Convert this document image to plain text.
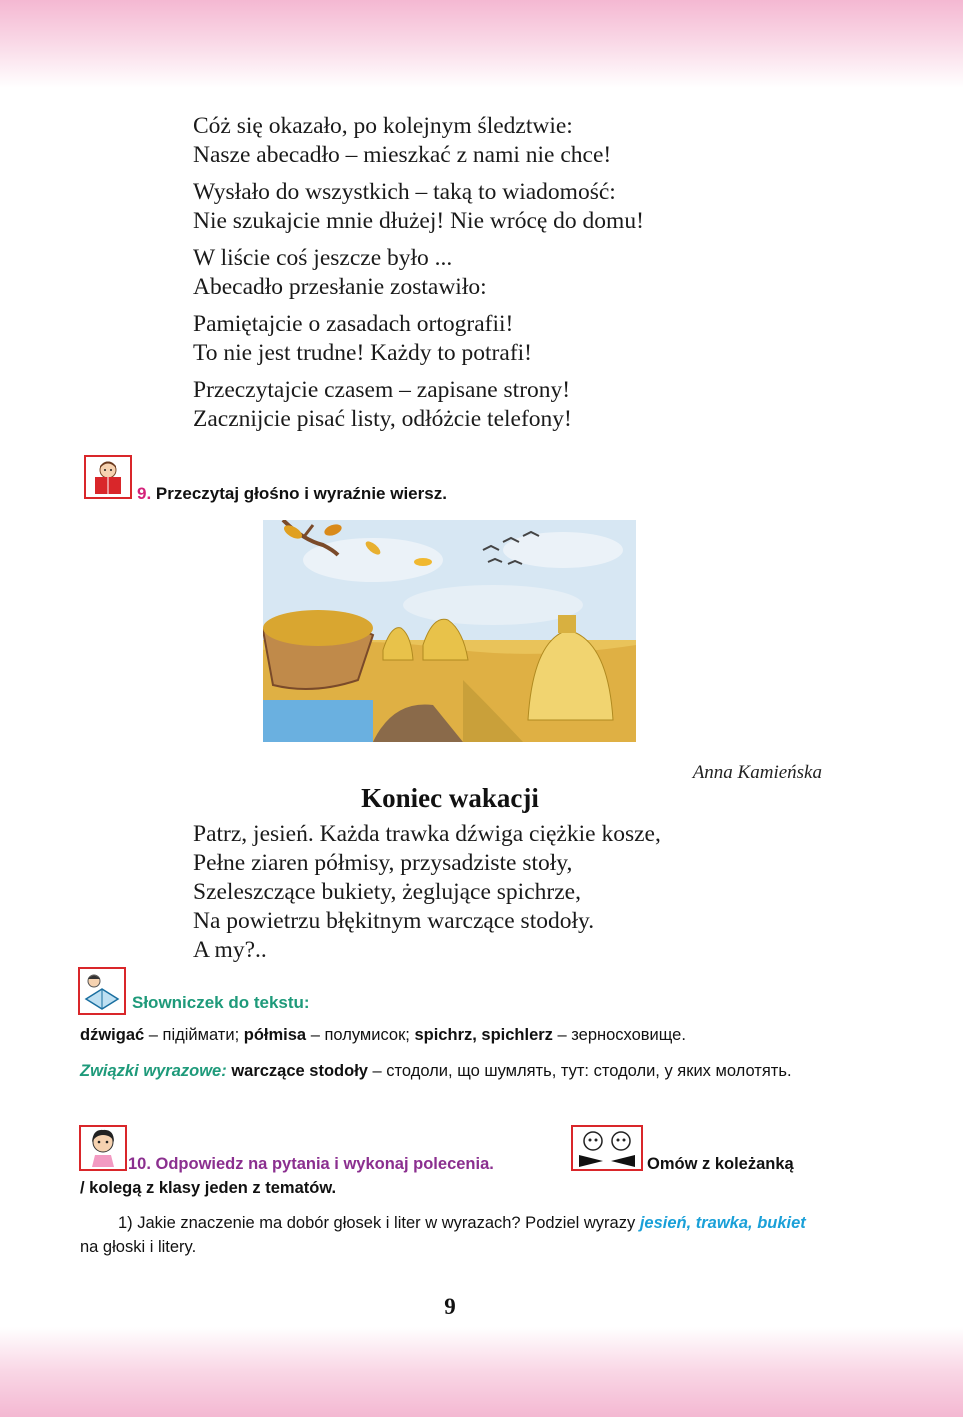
Cóż się okazało, po kolejnym śledztwie:
Nasze abecadło – mieszkać z nami nie chce!
Wysłało do wszystkich – taką to wiadomość:
Nie szukajcie mnie dłużej! Nie wrócę do domu!
W liście coś jeszcze było ...
Abecadło przesłanie zostawiło:
Pamiętajcie o zasadach ortografii!
To nie jest trudne! Każdy to potrafi!
Przeczytajcie czasem – zapisane strony!
Zacznijcie pisać listy, odłóżcie telefony!
9. Przeczytaj głośno i wyraźnie wiersz.
Anna Kamieńska
Koniec wakacji
Patrz, jesień. Każda trawka dźwiga ciężkie kosze,
Pełne ziaren półmisy, przysadziste stoły,
Szeleszczące bukiety, żeglujące spichrze,
Na powietrzu błękitnym warczące stodoły.
A my?..
Słowniczek do tekstu:
dźwigać – підіймати; półmisa – полумисок; spichrz, spichlerz – зерносховище.
Związki wyrazowe: warczące stodoły – стодоли, що шумлять, тут: стодоли, у яких молотять.
10. Odpowiedz na pytania i wykonaj polecenia.	Omów z koleżanką
/ kolegą z klasy jeden z tematów.
1) Jakie znaczenie ma dobór głosek i liter w wyrazach? Podziel wyrazy jesień, trawka, bukiet na głoski i litery.
9
